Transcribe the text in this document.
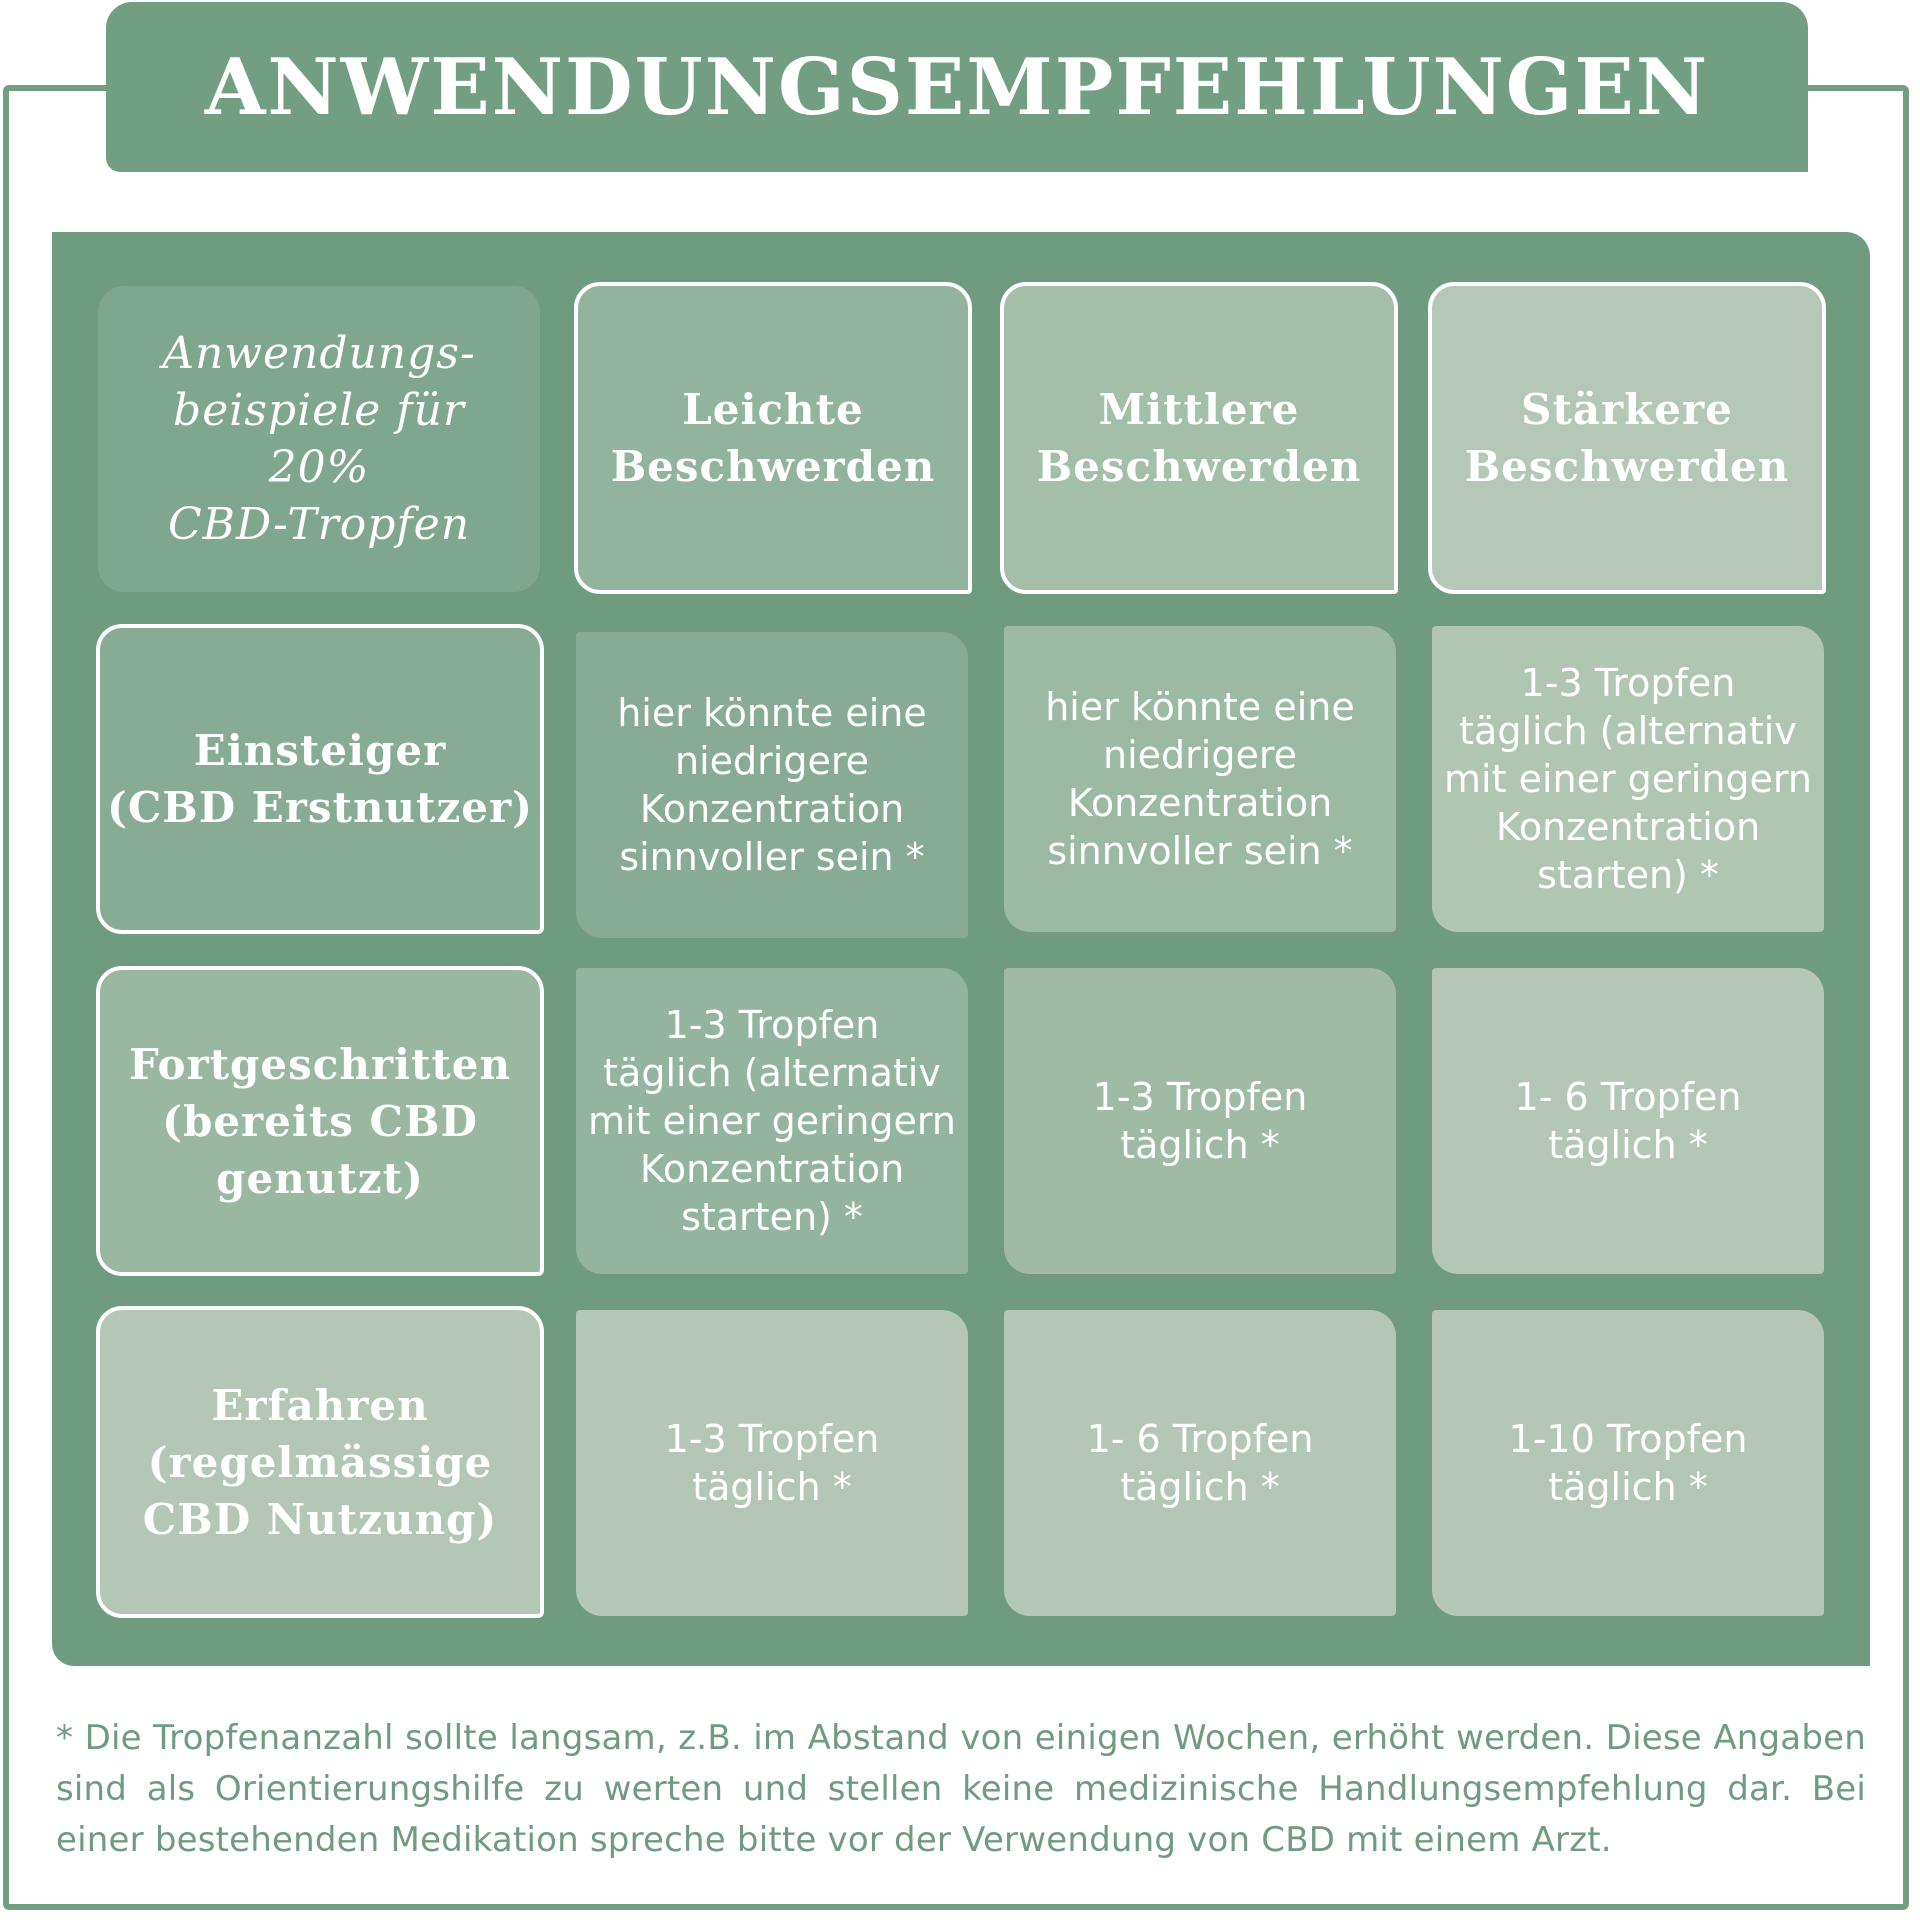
ANWENDUNGSEMPFEHLUNGEN
Anwendungs-
beispiele für
20%
CBD-Tropfen
Leichte
Beschwerden
Mittlere
Beschwerden
Stärkere
Beschwerden
Einsteiger
(CBD Erstnutzer)
hier könnte eine
niedrigere
Konzentration
sinnvoller sein *
hier könnte eine
niedrigere
Konzentration
sinnvoller sein *
1-3 Tropfen
täglich (alternativ
mit einer geringern
Konzentration
starten) *
Fortgeschritten
(bereits CBD
genutzt)
1-3 Tropfen
täglich (alternativ
mit einer geringern
Konzentration
starten) *
1-3 Tropfen
täglich *
1- 6 Tropfen
täglich *
Erfahren
(regelmässige
CBD Nutzung)
1-3 Tropfen
täglich *
1- 6 Tropfen
täglich *
1-10 Tropfen
täglich *
* Die Tropfenanzahl sollte langsam, z.B. im Abstand von einigen Wochen, erhöht werden. Diese Angaben sind als Orientierungshilfe zu werten und stellen keine medizinische Handlungsempfehlung dar. Bei einer bestehenden Medikation spreche bitte vor der Verwendung von CBD mit einem Arzt.
